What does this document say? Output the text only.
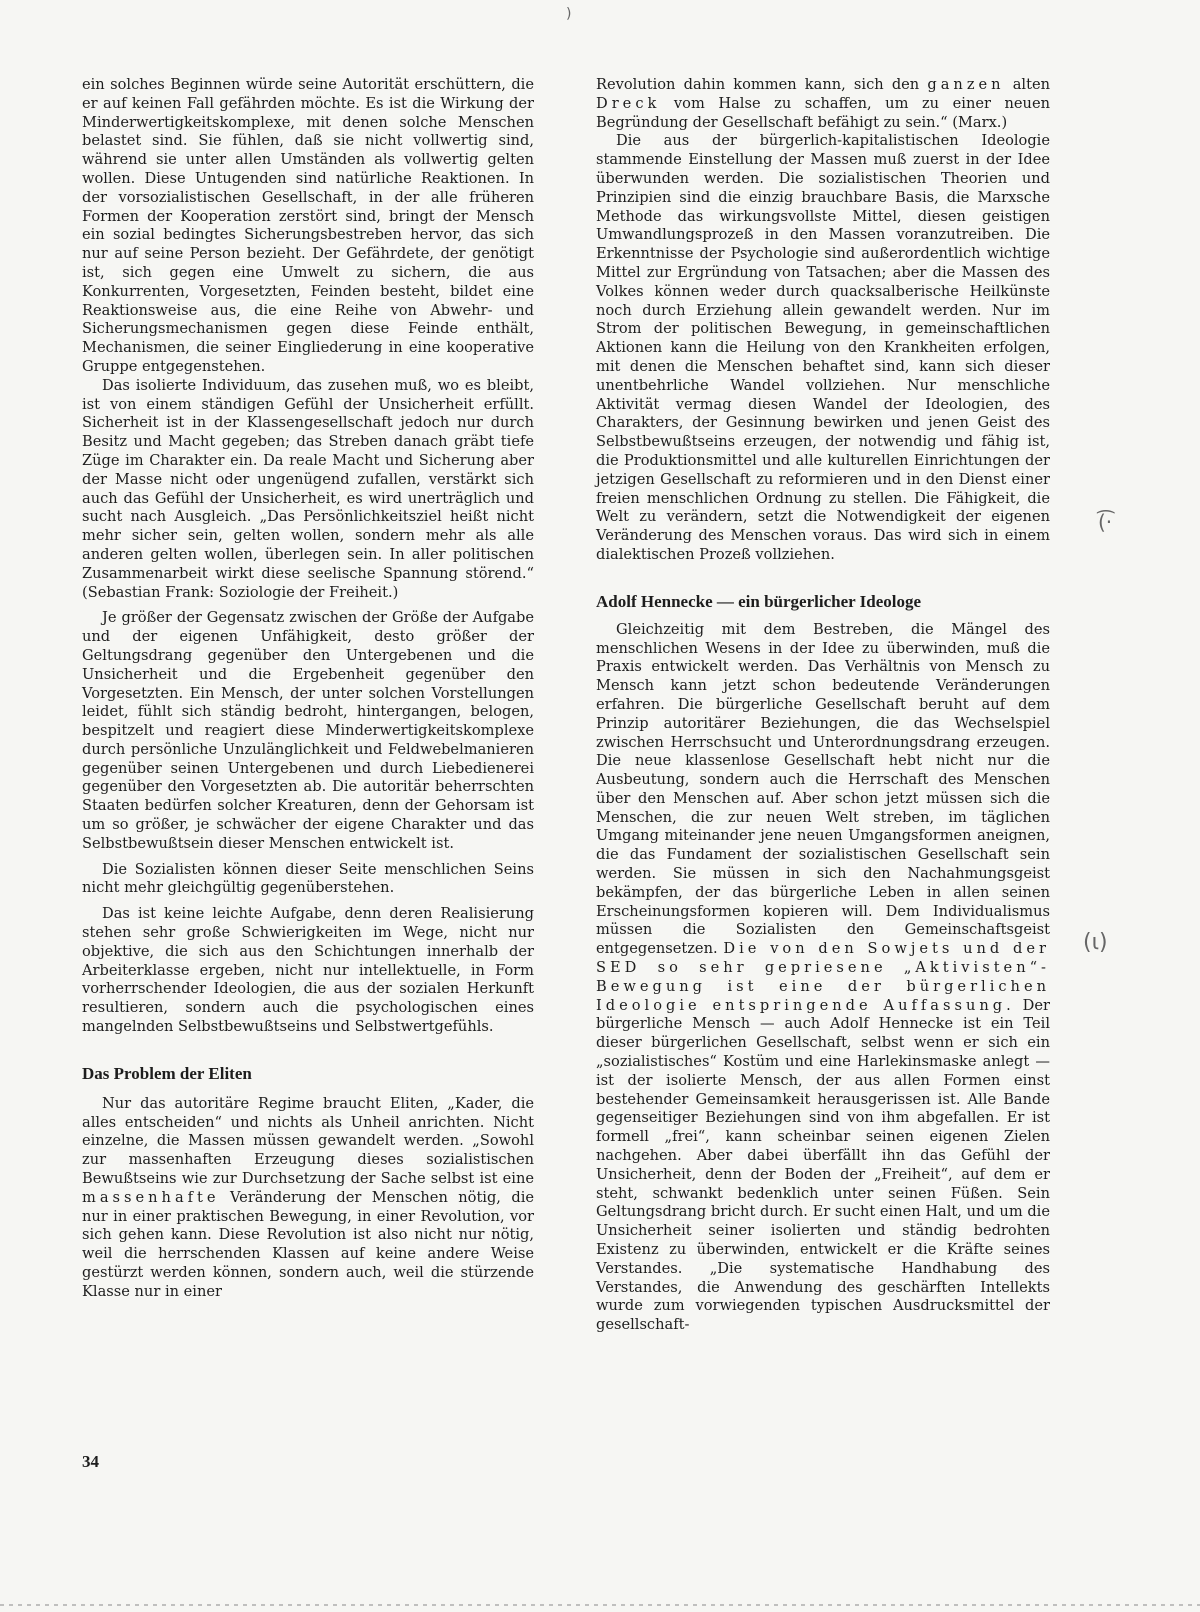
)

ein solches Beginnen würde seine Autorität erschüttern, die er auf keinen Fall gefährden möchte. Es ist die Wirkung der Minderwertigkeitskomplexe, mit denen solche Menschen belastet sind. Sie fühlen, daß sie nicht vollwertig sind, während sie unter allen Umständen als vollwertig gelten wollen. Diese Untugenden sind natürliche Reaktionen. In der vorsozialistischen Gesellschaft, in der alle früheren Formen der Kooperation zerstört sind, bringt der Mensch ein sozial bedingtes Sicherungsbestreben hervor, das sich nur auf seine Person bezieht. Der Gefährdete, der genötigt ist, sich gegen eine Umwelt zu sichern, die aus Konkurrenten, Vorgesetzten, Feinden besteht, bildet eine Reaktionsweise aus, die eine Reihe von Abwehr- und Sicherungsmechanismen gegen diese Feinde enthält, Mechanismen, die seiner Eingliederung in eine kooperative Gruppe entgegenstehen.

Das isolierte Individuum, das zusehen muß, wo es bleibt, ist von einem ständigen Gefühl der Unsicherheit erfüllt. Sicherheit ist in der Klassengesellschaft jedoch nur durch Besitz und Macht gegeben; das Streben danach gräbt tiefe Züge im Charakter ein. Da reale Macht und Sicherung aber der Masse nicht oder ungenügend zufallen, verstärkt sich auch das Gefühl der Unsicherheit, es wird unerträglich und sucht nach Ausgleich. „Das Persönlichkeitsziel heißt nicht mehr sicher sein, gelten wollen, sondern mehr als alle anderen gelten wollen, überlegen sein. In aller politischen Zusammenarbeit wirkt diese seelische Spannung störend.“ (Sebastian Frank: Soziologie der Freiheit.)

Je größer der Gegensatz zwischen der Größe der Aufgabe und der eigenen Unfähigkeit, desto größer der Geltungsdrang gegenüber den Untergebenen und die Unsicherheit und die Ergebenheit gegenüber den Vorgesetzten. Ein Mensch, der unter solchen Vorstellungen leidet, fühlt sich ständig bedroht, hintergangen, belogen, bespitzelt und reagiert diese Minderwertigkeitskomplexe durch persönliche Unzulänglichkeit und Feldwebelmanieren gegenüber seinen Untergebenen und durch Liebedienerei gegenüber den Vorgesetzten ab. Die autoritär beherrschten Staaten bedürfen solcher Kreaturen, denn der Gehorsam ist um so größer, je schwächer der eigene Charakter und das Selbstbewußtsein dieser Menschen entwickelt ist.

Die Sozialisten können dieser Seite menschlichen Seins nicht mehr gleichgültig gegenüberstehen.

Das ist keine leichte Aufgabe, denn deren Realisierung stehen sehr große Schwierigkeiten im Wege, nicht nur objektive, die sich aus den Schichtungen innerhalb der Arbeiterklasse ergeben, nicht nur intellektuelle, in Form vorherrschender Ideologien, die aus der sozialen Herkunft resultieren, sondern auch die psychologischen eines mangelnden Selbstbewußtseins und Selbstwertgefühls.

Das Problem der Eliten

Nur das autoritäre Regime braucht Eliten, „Kader, die alles entscheiden“ und nichts als Unheil anrichten. Nicht einzelne, die Massen müssen gewandelt werden. „Sowohl zur massenhaften Erzeugung dieses sozialistischen Bewußtseins wie zur Durchsetzung der Sache selbst ist eine massenhafte Veränderung der Menschen nötig, die nur in einer praktischen Bewegung, in einer Revolution, vor sich gehen kann. Diese Revolution ist also nicht nur nötig, weil die herrschenden Klassen auf keine andere Weise gestürzt werden können, sondern auch, weil die stürzende Klasse nur in einer

Revolution dahin kommen kann, sich den ganzen alten Dreck vom Halse zu schaffen, um zu einer neuen Begründung der Gesellschaft befähigt zu sein.“ (Marx.)

Die aus der bürgerlich-kapitalistischen Ideologie stammende Einstellung der Massen muß zuerst in der Idee überwunden werden. Die sozialistischen Theorien und Prinzipien sind die einzig brauchbare Basis, die Marxsche Methode das wirkungsvollste Mittel, diesen geistigen Umwandlungsprozeß in den Massen voranzutreiben. Die Erkenntnisse der Psychologie sind außerordentlich wichtige Mittel zur Ergründung von Tatsachen; aber die Massen des Volkes können weder durch quacksalberische Heilkünste noch durch Erziehung allein gewandelt werden. Nur im Strom der politischen Bewegung, in gemeinschaftlichen Aktionen kann die Heilung von den Krankheiten erfolgen, mit denen die Menschen behaftet sind, kann sich dieser unentbehrliche Wandel vollziehen. Nur menschliche Aktivität vermag diesen Wandel der Ideologien, des Charakters, der Gesinnung bewirken und jenen Geist des Selbstbewußtseins erzeugen, der notwendig und fähig ist, die Produktionsmittel und alle kulturellen Einrichtungen der jetzigen Gesellschaft zu reformieren und in den Dienst einer freien menschlichen Ordnung zu stellen. Die Fähigkeit, die Welt zu verändern, setzt die Notwendigkeit der eigenen Veränderung des Menschen voraus. Das wird sich in einem dialektischen Prozeß vollziehen.

Adolf Hennecke — ein bürgerlicher Ideologe

Gleichzeitig mit dem Bestreben, die Mängel des menschlichen Wesens in der Idee zu überwinden, muß die Praxis entwickelt werden. Das Verhältnis von Mensch zu Mensch kann jetzt schon bedeutende Veränderungen erfahren. Die bürgerliche Gesellschaft beruht auf dem Prinzip autoritärer Beziehungen, die das Wechselspiel zwischen Herrschsucht und Unterordnungsdrang erzeugen. Die neue klassenlose Gesellschaft hebt nicht nur die Ausbeutung, sondern auch die Herrschaft des Menschen über den Menschen auf. Aber schon jetzt müssen sich die Menschen, die zur neuen Welt streben, im täglichen Umgang miteinander jene neuen Umgangsformen aneignen, die das Fundament der sozialistischen Gesellschaft sein werden. Sie müssen in sich den Nachahmungsgeist bekämpfen, der das bürgerliche Leben in allen seinen Erscheinungsformen kopieren will. Dem Individualismus müssen die Sozialisten den Gemeinschaftsgeist entgegensetzen. Die von den Sowjets und der SED so sehr gepriesene „Aktivisten“-Bewegung ist eine der bürgerlichen Ideologie entspringende Auffassung. Der bürgerliche Mensch — auch Adolf Hennecke ist ein Teil dieser bürgerlichen Gesellschaft, selbst wenn er sich ein „sozialistisches“ Kostüm und eine Harlekinsmaske anlegt — ist der isolierte Mensch, der aus allen Formen einst bestehender Gemeinsamkeit herausgerissen ist. Alle Bande gegenseitiger Beziehungen sind von ihm abgefallen. Er ist formell „frei“, kann scheinbar seinen eigenen Zielen nachgehen. Aber dabei überfällt ihn das Gefühl der Unsicherheit, denn der Boden der „Freiheit“, auf dem er steht, schwankt bedenklich unter seinen Füßen. Sein Geltungsdrang bricht durch. Er sucht einen Halt, und um die Unsicherheit seiner isolierten und ständig bedrohten Existenz zu überwinden, entwickelt er die Kräfte seines Verstandes. „Die systematische Handhabung des Verstandes, die Anwendung des geschärften Intellekts wurde zum vorwiegenden typischen Ausdrucksmittel der gesellschaft-

(͡·
(ι)
34
